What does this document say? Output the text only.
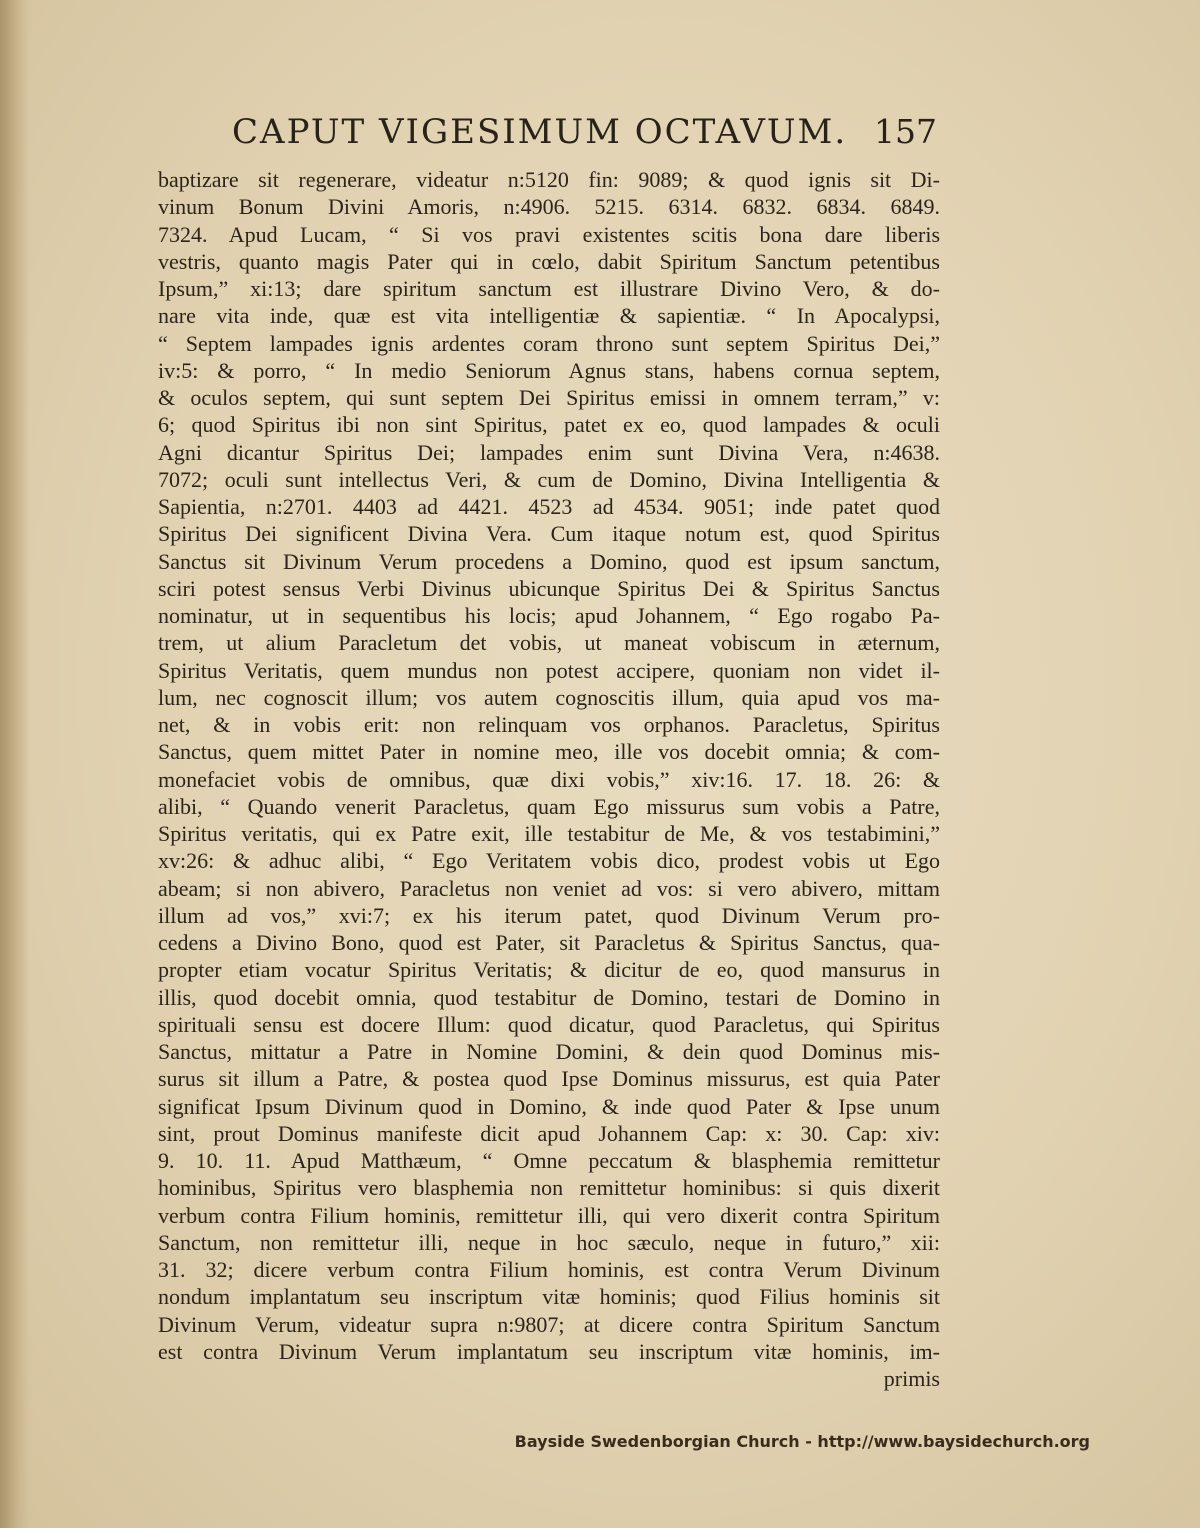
CAPUT VIGESIMUM OCTAVUM. 157
baptizare sit regenerare, videatur n:5120 fin: 9089; & quod ignis sit Di-
vinum Bonum Divini Amoris, n:4906. 5215. 6314. 6832. 6834. 6849.
7324. Apud Lucam, “ Si vos pravi existentes scitis bona dare liberis
vestris, quanto magis Pater qui in cœlo, dabit Spiritum Sanctum petentibus
Ipsum,” xi:13; dare spiritum sanctum est illustrare Divino Vero, & do-
nare vita inde, quæ est vita intelligentiæ & sapientiæ. “ In Apocalypsi,
“ Septem lampades ignis ardentes coram throno sunt septem Spiritus Dei,”
iv:5: & porro, “ In medio Seniorum Agnus stans, habens cornua septem,
& oculos septem, qui sunt septem Dei Spiritus emissi in omnem terram,” v:
6; quod Spiritus ibi non sint Spiritus, patet ex eo, quod lampades & oculi
Agni dicantur Spiritus Dei; lampades enim sunt Divina Vera, n:4638.
7072; oculi sunt intellectus Veri, & cum de Domino, Divina Intelligentia &
Sapientia, n:2701. 4403 ad 4421. 4523 ad 4534. 9051; inde patet quod
Spiritus Dei significent Divina Vera. Cum itaque notum est, quod Spiritus
Sanctus sit Divinum Verum procedens a Domino, quod est ipsum sanctum,
sciri potest sensus Verbi Divinus ubicunque Spiritus Dei & Spiritus Sanctus
nominatur, ut in sequentibus his locis; apud Johannem, “ Ego rogabo Pa-
trem, ut alium Paracletum det vobis, ut maneat vobiscum in æternum,
Spiritus Veritatis, quem mundus non potest accipere, quoniam non videt il-
lum, nec cognoscit illum; vos autem cognoscitis illum, quia apud vos ma-
net, & in vobis erit: non relinquam vos orphanos. Paracletus, Spiritus
Sanctus, quem mittet Pater in nomine meo, ille vos docebit omnia; & com-
monefaciet vobis de omnibus, quæ dixi vobis,” xiv:16. 17. 18. 26: &
alibi, “ Quando venerit Paracletus, quam Ego missurus sum vobis a Patre,
Spiritus veritatis, qui ex Patre exit, ille testabitur de Me, & vos testabimini,”
xv:26: & adhuc alibi, “ Ego Veritatem vobis dico, prodest vobis ut Ego
abeam; si non abivero, Paracletus non veniet ad vos: si vero abivero, mittam
illum ad vos,” xvi:7; ex his iterum patet, quod Divinum Verum pro-
cedens a Divino Bono, quod est Pater, sit Paracletus & Spiritus Sanctus, qua-
propter etiam vocatur Spiritus Veritatis; & dicitur de eo, quod mansurus in
illis, quod docebit omnia, quod testabitur de Domino, testari de Domino in
spirituali sensu est docere Illum: quod dicatur, quod Paracletus, qui Spiritus
Sanctus, mittatur a Patre in Nomine Domini, & dein quod Dominus mis-
surus sit illum a Patre, & postea quod Ipse Dominus missurus, est quia Pater
significat Ipsum Divinum quod in Domino, & inde quod Pater & Ipse unum
sint, prout Dominus manifeste dicit apud Johannem Cap: x: 30. Cap: xiv:
9. 10. 11. Apud Matthæum, “ Omne peccatum & blasphemia remittetur
hominibus, Spiritus vero blasphemia non remittetur hominibus: si quis dixerit
verbum contra Filium hominis, remittetur illi, qui vero dixerit contra Spiritum
Sanctum, non remittetur illi, neque in hoc sæculo, neque in futuro,” xii:
31. 32; dicere verbum contra Filium hominis, est contra Verum Divinum
nondum implantatum seu inscriptum vitæ hominis; quod Filius hominis sit
Divinum Verum, videatur supra n:9807; at dicere contra Spiritum Sanctum
est contra Divinum Verum implantatum seu inscriptum vitæ hominis, im-
primis
Bayside Swedenborgian Church - http://www.baysidechurch.org
